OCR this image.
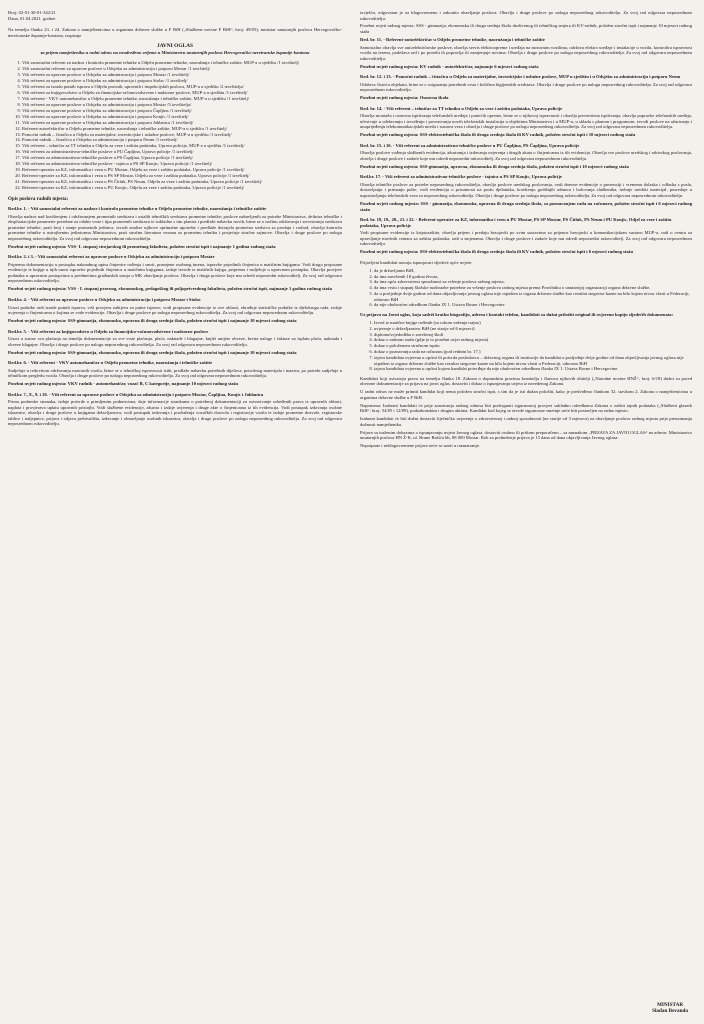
Broj: 02-01-30-01-342/21
Dana, 01.04.2021. godine

Na temelju članka 23. i 24. Zakona o namještenicima u organima državne službe u F BiH („Službene novine F BiH“, broj: 49/05), ministar unutarnjih poslova Hercegovačko-neretvanske županije-kantona, raspisuje

JAVNI OGLAS
za prijem namještenika u radni odnos na neodređeno vrijeme u Ministarstvu unutarnjih poslova Hercegovačko-neretvanske županije-kantona
1. Viši samostalni referent za nadzor i kontrolu prometne tehnike u Odjelu prometne tehnike, naoružanja i tehničke zaštite, MUP-a u sjedištu /1 izvršitelj/
2. Viši samostalni referent za upravne poslove u Odsjeku za administraciju i potporu Mostar /1 izvršitelj/
3. Viši referent za upravne poslove u Odsjeku za administraciju i potporu Mostar /1 izvršitelj/
4. Viši referent za upravne poslove u Odsjeku za administraciju i potporu Stolac /1 izvršitelj/
5. Viši referent za izradu putnih isprava u Odjelu pravnih, upravnih i inspekcijskih poslova, MUP-a u sjedištu /2 izvršitelja/
6. Viši referent za knjigovodstvo u Odjelu za financijsko-računovodstvene i nadzorne poslove, MUP-a u sjedištu /1 izvršitelj/
7. Viši referent - VKV automehaničar u Odjelu prometne tehnike, naoružanja i tehničke zaštite, MUP-a u sjedištu /1 izvršitelj/
8. Viši referent za upravne poslove u Odsjeku za administraciju i potporu Mostar /3 izvršitelja/
9. Viši referent za upravne poslove u Odsjeku za administraciju i potporu Čapljina /1 izvršitelj/
10. Viši referent za upravne poslove u Odsjeku za administraciju i potporu Konjic /1 izvršitelj/
11. Viši referent za upravne poslove u Odsjeku za administraciju i potporu Jablanica /1 izvršitelj/
12. Referent-autoelektričar u Odjelu prometne tehnike, naoružanja i tehničke zaštite, MUP-a u sjedištu /1 izvršitelj/
13. Pomoćni radnik – čistačica u Odjelu za materijalne, investicijske i uslužne poslove, MUP-a u sjedištu /1 izvršitelj/
14. Pomoćni radnik – čistačica u Odsjeku za administraciju i potporu Neum /1 izvršitelj/
15. Viši referent – tehničar za TT tehniku u Odjelu za veze i zaštitu podataka, Uprava policije, MUP-a u sjedištu /1 izvršitelj/
16. Viši referent za administrativno-tehničke poslove u PU Čapljina, Uprava policije /1 izvršitelj/
17. Viši referent za administrativno-tehničke poslove u PS Čapljina, Uprava policije /1 izvršitelj/
18. Viši referent za administrativno-tehničke poslove - tajnica u PS SP Konjic, Uprava policije /1 izvršitelj/
19. Referent-operater za KZ, informatiku i vezu u PU Mostar, Odjelu za veze i zaštitu podataka, Uprava policije /1 izvršitelj/
20. Referent-operater za KZ, informatiku i vezu u PS SP Mostar, Odjelu za veze i zaštitu podataka, Uprava policije /1 izvršitelj/
21. Referent-operater za KZ, informatiku i vezu u PS Čitluk, PS Neum, Odjelu za veze i zaštitu podataka, Uprava policije /1 izvršitelj/
22. Referent-operater za KZ, informatiku i vezu u PU Konjic, Odjelu za veze i zaštitu podataka, Uprava policije /1 izvršitelj/
Opis poslova radnih mjesta:
Red.br. 1. - Viši samostalni referent za nadzor i kontrolu prometne tehnike u Odjelu prometne tehnike, naoružanja i tehničke zaštite

Obavlja nadzor nad korištenjem i održavanjem prometnih sredstava i ostalih tehničkih sredstava prometne tehnike; poslove nabavljenih za potrebe Ministarstva, definira tehničke i eksploatacijske parametre potrebne za odabir vrste i tipa prometnih sredstava te sukladno s tim planira i predlaže nabavku novih, brine se o načinu održavanja i servisiranja sredstava prometne tehnike, prati broj i stanje prometnih jedinica, izvodi analize njihove optimalne upotrebe i predlaže dotrajala prometna sredstva za prodaju i rashod, obavlja kontrolu prometne tehnike u ustrojbenim jedinicama Ministarstva, prati stručnu literaturu vezanu za prometnu tehniku i posjećuje stručne sajmove. Obavlja i druge poslove po nalogu neposrednog rukovoditelja. Za svoj rad odgovara neposrednom rukovoditelju.

Posebni uvjeti radnog mjesta: VSS- I. stupanj strojarskog ili prometnog fakulteta, položen stručni ispit i najmanje 1 godina radnog staža

Red.br. 2. i 3. - Viši samostalni referent za upravne poslove u Odsjeku za administraciju i potporu Mostar

Priprema dokumentaciju u postupku naknadnog upisa činjenice rođenja i smrti, promjene osobnog imena, ispravke pojedinih činjenica u matičnim knjigama. Vodi drugo propisane evidencije iz knjige u njih unosi ispravke pojedinih činjenica u matičnim knjigama, izdaje izvode iz matičnih knjiga, priprema i sudjeluje u upravnom postupku. Obavlja provjere podataka u upravnim postupcima u predmetima građanskih stanja u MK obavljanje poslova. Obavlja i druge poslove koje mu odredi neposredni rukovoditelj. Za svoj rad odgovara neposrednom rukovoditelju.

Posebni uvjeti radnog mjesta: VSS - I. stupanj pravnog, ekonomskog, pedagoškog ili poljoprivrednog fakulteta, položen stručni ispit, najmanje 1 godina radnog staža

Red.br. 4. - Viši referent za upravne poslove u Odsjeku za administraciju i potporu Mostar i Stolac

Unosi podatke radi izrade putnih isprava, vrši provjeru zahtjeva za putne isprave, vodi propisane evidencije iz ove oblasti, obrađuje statističke podatke iz djelokruga rada, izdaje uvjerenja o činjenicama o kojima se vode evidencije. Obavlja i druge poslove po nalogu neposrednog rukovoditelja. Za svoj rad odgovara neposrednom rukovoditelju.

Posebni uvjeti radnog mjesta: SSS-gimnazija, ekonomska, upravna ili druga srednja škola, položen stručni ispit i najmanje 10 mjeseci radnog staža

Red.br. 5. - Viši referent za knjigovodstvo u Odjelu za financijsko-računovodstvene i nadzorne poslove

Unosi u sustav sva plaćanja na temelju dokumentacije za sve vrste plaćanja, plaća, naknade i blagajne, knjiži unijete obveze, kreira naloge i fakture za isplatu plaća, naknada i obveze blagajne. Obavlja i druge poslove po nalogu neposrednog rukovoditelja. Za svoj rad odgovara neposrednom rukovoditelju.

Posebni uvjeti radnog mjesta: SSS-gimnazija, ekonomska, upravna ili druga srednja škola, položen stručni ispit i najmanje 10 mjeseci radnog staža

Red.br. 6. - Viši referent - VKV automehaničar u Odjelu prometne tehnike, naoružanja i tehničke zaštite

Sudjeluje u redovitom održavanju motornih vozila, brine se o tehničkoj ispravnosti istih, predlaže nabavku potrebnih dijelova, potrošnog materijala i maziva, po potrebi sudjeluje u tehničkom pregledu vozila. Obavlja i druge poslove po nalogu neposrednog rukovoditelja. Za svoj rad odgovara neposrednom rukovoditelju.

Posebni uvjeti radnog mjesta: VKV radnik - automehaničar, vozač B, C kategorije, najmanje 10 mjeseci radnog staža

Red.br. 7., 8., 9. i 10. - Viši referent za upravne poslove u Odsjeku za administraciju i potporu Mostar, Čapljina, Konjic i Jablanica

Prima podneske stranaka, izdaje potvrde o primljenim podnescima, daje informacije strankama o potrebnoj dokumentaciji za ostvarivanje određenih prava iz upravnih oblasti, naplata i provjerava uplatu upravnih pristojbi. Vodi službene evidencije, ažurira i izdaje uvjerenja i druge akte o činjenicama iz tih evidencija. Vodi postupak izdavanja osobne iskaznice, obavlja i druge poslove u knjigama državljanstva, vodi postupak izdavanja i produženja vozačkih dozvola i registracije vozila te izdaje prometne dozvole, registarske tablice i naljepnice, prijava i odjava prebivališta, izdavanje i obnavljanje osobnih iskaznica, obavlja i druge poslove po nalogu neposrednog rukovoditelja. Za svoj rad odgovara neposrednom rukovoditelju.

izvješća, odgovaran je za blagovremeno i zakonito obavljanje poslova. Obavlja i druge poslove po nalogu neposrednog rukovoditelja. Za svoj rad odgovara neposrednom rukovoditelju.

Posebni uvjeti radnog mjesta: SSS - gimnazija, ekonomska ili druga srednja škola društvenog ili tehničkog smjera ili KV-radnik, položen stručni ispit i najmanje 10 mjeseci radnog staža

Red. br. 11. - Referent-autoelektričar u Odjelu prometne tehnike, naoružanja i tehničke zaštite

Samostalno obavlja sve autoelektričarske poslove, obavlja servis elektroopreme i uređaja na motornim vozilima, održava elektro uređaje i instalacije u vozilu, kontrolira ispravnost vozila na terenu, podešava rad i po potrebi ih popravlja ili zamjenjuje novima. Obavlja i druge poslove po nalogu neposrednog rukovoditelja. Za svoj rad odgovara neposrednom rukovoditelju.

Posebni uvjeti radnog mjesta: KV radnik - autoelektričar, najmanje 6 mjeseci radnog staža

Red. br. 12. i 13. - Pomoćni radnik – čistačica u Odjelu za materijalne, investicijske i uslužne poslove, MUP u sjedištu i u Odsjeku za administraciju i potporu Neum

Održava čistoću objekata, brine se o osiguranju potrebnih vrsta i količina higijenskih sredstava. Obavlja i druge poslove po nalogu neposrednog rukovoditelja. Za svoj rad odgovara neposrednom rukovoditelju.

Posebni uvjeti radnog mjesta: Osnovna škola

Red. br. 14. - Viši referent – tehničar za TT tehniku u Odjelu za veze i zaštitu podataka, Uprava policije

Obavlja montažu i osnovna ispitivanja telefonskih uređaja i pratećih opreme, brine se o njihovoj ispravnosti i obavlja preventivna ispitivanja, obavlja popravke telefonskih uređaja, učestvuje u održavanju i izvođenju i povezivanju novih telefonskih instalacija u objektima Ministarstva i u MUP-u, u skladu s planom i programom, izvodi poslove na ažuriranju i unaprijeđenju telekomunikacijskih mreža i sustava veza i obavlja i druge poslove po nalogu neposrednog rukovoditelja. Za svoj rad odgovara neposrednom rukovoditelju.

Posebni uvjeti radnog mjesta: SSS-elektrotehnička škola ili druga srednja škola ili KV radnik, položen stručni ispit i 10 mjeseci radnog staža

Red. br. 15. i 16. - Viši referent za administrativno-tehničke poslove u PU Čapljina, PS Čapljina, Uprava policije

Obavlja poslove vođenja službenih evidencija, ažuriranja i izdavanja uvjerenja i drugih akata o činjenicama iz tih evidencija. Obavlja sve poslove uredskog i arhivskog poslovanja, obavlja i druge poslove i zadaće koje mu odredi neposredni rukovoditelj. Za svoj rad odgovara neposrednom rukovoditelju.

Posebni uvjeti radnog mjesta: SSS-gimnazija, upravna, ekonomska ili druga srednja škola, položen stručni ispit i 10 mjeseci radnog staža

Red.br. 17. - Viši referent za administrativno-tehničke poslove - tajnica u PS SP Konjic, Uprava policije

Obavlja tehničke poslove za potrebe neposrednog rukovoditelja, obavlja poslove uredskog poslovanja, vodi dnevne evidencije o prezenciji i vremenu dolaska i odlaska s posla, dostavljanju i primanju pošte, vodi evidenciju o prisutnosti na poslu djelatnika, korištenju godišnjih odmora i bolovanja službenika, trebuje uredski materijal, posreduje u uspostavljanju telefonskih veza za neposrednog rukovoditelja. Obavlja i druge poslove po nalogu neposrednog rukovoditelja. Za svoj rad odgovara neposrednom rukovoditelju.

Posebni uvjeti radnog mjesta: SSS - gimnazija, ekonomska, upravna ili druga srednja škola, sa poznavanjem rada na računaru, položen stručni ispit i 6 mjeseci radnog staža

Red. br. 18, 19., 20., 21. i 22. - Referent-operater za KZ, informatiku i vezu u PU Mostar, PS SP Mostar, PS Čitluk, PS Neum i PU Konjic, Odjel za veze i zaštitu podataka, Uprava policije

Vodi propisane evidencije iz kriptozaštite, obavlja prijem i predaju brzojavki po svim sustavima za prijenos brzojavki u komunikacijskom sustavu MUP-a, radi u centru za upravljanje mrežnih centara za zaštitu podataka, radi u smjenama. Obavlja i druge poslove i zadaće koje mu odredi neposredni rukovoditelj. Za svoj rad odgovara neposrednom rukovoditelju.

Posebni uvjeti radnog mjesta: SSS-elektrotehnička škola ili druga srednja škola ili KV radnik, položen stručni ispit i 6 mjeseci radnog staža

Prijavljeni kandidati moraju ispunjavati sljedeće opće uvjete:

1. da je državljanin BiH,
2. da ima navršenih 18 godina života,
3. da ima opću zdravstvenu sposobnost za vršenje poslova radnog mjesta,
4. da ima vrstu i stupanj školske naobrazbe potrebne za vršenje poslova radnog mjesta prema Pravilniku o unutarnjoj organizaciji organa državne službe,
5. da u posljednje dvije godine od dana objavljivanja javnog oglasa nije otpušten iz organa državne službe kao rezultat stegovne kazne na bilo kojem nivou vlasti u Federaciji, odnosno BiH
6. da nije obuhvaćen odredbom članka IX 1. Ustava Bosne i Hercegovine

Uz prijavu na Javni oglas, koja sadrži kratku biografiju, adresu i kontakt telefon, kandidati su dužni priložiti original ili ovjerenu kopiju sljedećih dokumenata:

1. Izvod iz matične knjige rođenih (sa rokom važenja trajno)
2. uvjerenje o državljanstvu BiH (ne starije od 6 mjeseci)
3. diploma/svjedodžba o završenoj školi
4. dokaz o radnom stažu (gdje je to posebni uvjet radnog mjesta)
5. dokaz o položenom stručnom ispitu
6. dokaz o poznavanju rada na računaru (pod rednim br. 17.)
7. izjava kandidata ovjerena u općini ili potvrda poslodavca – državnog organa ili institucije da kandidat u posljednje dvije godine od dana objavljivanja javnog oglasa nije otpušten iz organa državne službe kao rezultat stegovne kazne na bilo kojem nivou vlasti u Federaciji, odnosno BiH
8. izjava kandidata ovjerena u općini kojom kandidat potvrđuje da nije obuhvaćen odredbom članka IX 1. Ustava Bosne i Hercegovine.

Kandidati koji ostvaruju pravo na temelju članka 18. Zakona o dopunskim pravima branitelja i članova njihovih obitelji („Narodne novine HNŽ“, broj: 6/18) dužni su pored obvezne dokumentacije za prijavu na javni oglas, dostaviti i dokaz o ispunjavanju uvjeta iz navedenog Zakona.

U radni odnos ne može primiti kandidat koji nema položen stručni ispit, s tim da je isti dužan položiti, kako je predviđeno člankom 32. stavkom 2. Zakona o namještenicima u organima državne službe u F BiH.

Napomena: Izabrani kandidati će prije zasnivanja radnog odnosa biti podvrgnuti sigurnosnoj provjeri sukladno odredbama Zakona o zaštiti tajnih podataka („Službeni glasnik BiH“, broj: 54/05 i 12/09), podzakonskim i drugim aktima. Kandidat kod kojeg se utvrde sigurnosne smetnje neće biti postavljen na radno mjesto.

Izabrani kandidati će biti dužni dostaviti liječničko uvjerenje o zdravstvenoj i radnoj sposobnosti (ne starije od 3 mjeseca) za obavljanje poslova radnog mjesta prije preuzimanja dužnosti namještenika.

Prijave sa traženim dokazima o ispunjavanju uvjeta Javnog oglasa, dostaviti osobno ili poštom preporučeno – sa naznakom „PRIJAVA ZA JAVNI OGLAS“ na adresu: Ministarstvo unutarnjih poslova HN Ž-K, ul. Brune Bušića bb, 88 000 Mostar. Rok za podnošenje prijava je 15 dana od dana objavljivanja Javnog oglasa.

Nepotpune i neblagovremene prijave neće se uzeti u razmatranje.

MINISTAR
Slađan Bevanda
